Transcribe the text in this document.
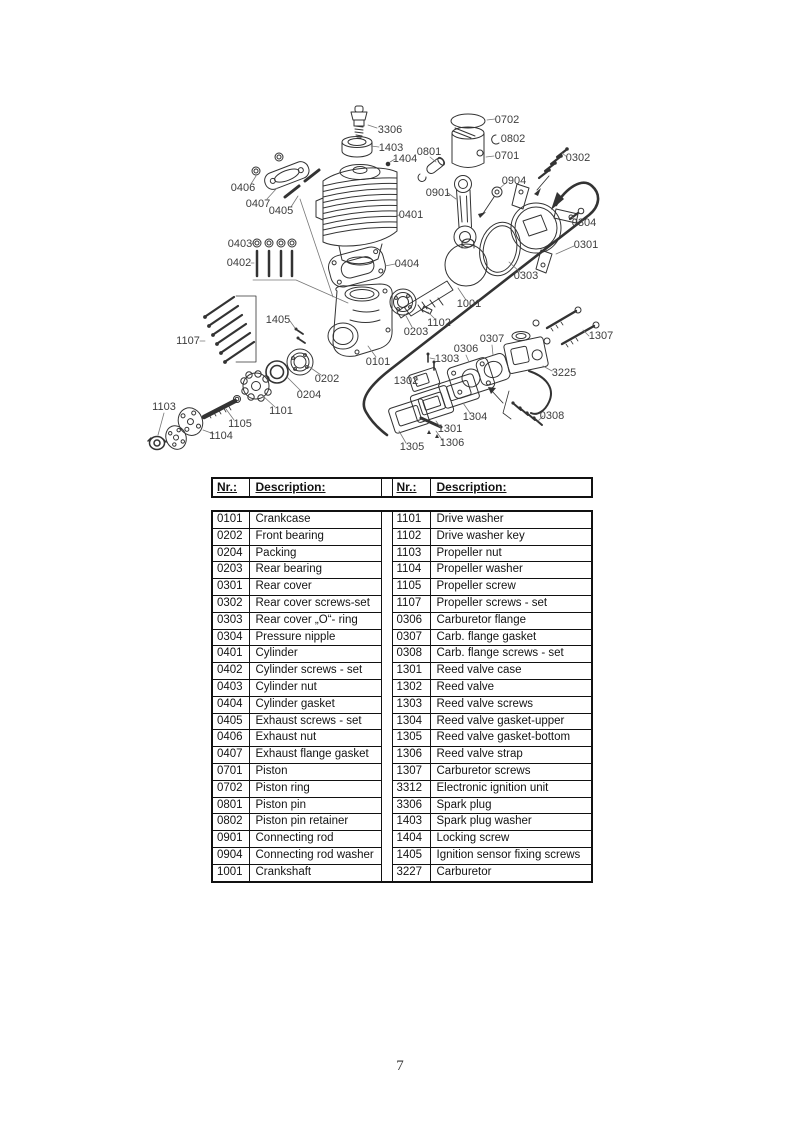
3306
1403
1404
0801
0702
0802
0701	0302
0904
0901
0406
0407
0405	0401
0304
0301
0403
0402	0404
0303
1001
1102
0203
1107
1405
0101
0202
0204
1101
1103
1105
1104
0307
0306
1307
3225
1303
1302
1304
1301
1306
1305
0308
Nr.:	Description:		Nr.:	Description:
0101	Crankcase		1101	Drive washer
0202	Front bearing		1102	Drive washer key
0204	Packing		1103	Propeller nut
0203	Rear bearing		1104	Propeller washer
0301	Rear cover		1105	Propeller screw
0302	Rear cover screws-set		1107	Propeller screws - set
0303	Rear cover „O“- ring		0306	Carburetor flange
0304	Pressure nipple		0307	Carb. flange gasket
0401	Cylinder		0308	Carb. flange screws - set
0402	Cylinder screws - set		1301	Reed valve case
0403	Cylinder nut		1302	Reed valve
0404	Cylinder gasket		1303	Reed valve screws
0405	Exhaust screws - set		1304	Reed valve gasket-upper
0406	Exhaust nut		1305	Reed valve gasket-bottom
0407	Exhaust flange gasket		1306	Reed valve strap
0701	Piston		1307	Carburetor screws
0702	Piston ring		3312	Electronic ignition unit
0801	Piston pin		3306	Spark plug
0802	Piston pin retainer		1403	Spark plug washer
0901	Connecting rod		1404	Locking screw
0904	Connecting rod washer		1405	Ignition sensor fixing screws
1001	Crankshaft		3227	Carburetor
7
